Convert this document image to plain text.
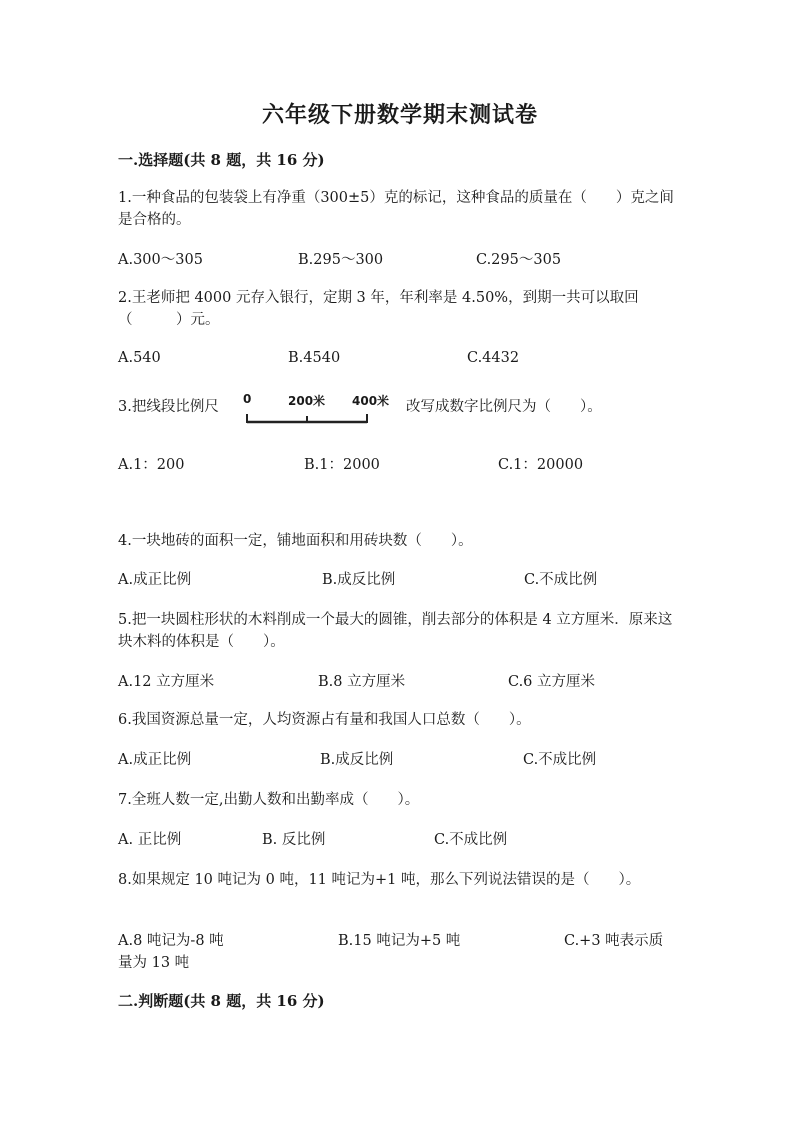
六年级下册数学期末测试卷
一.选择题(共 8 题，共 16 分)
1.一种食品的包装袋上有净重（300±5）克的标记，这种食品的质量在（　　）克之间是合格的。
A.300～305	B.295～300	C.295～305
2.王老师把 4000 元存入银行，定期 3 年，年利率是 4.50%，到期一共可以取回（　　　）元。
A.540	B.4540	C.4432
3.把线段比例尺	0	200米 400米 改写成数字比例尺为（　　）。
A.1：200	B.1：2000	C.1：20000
4.一块地砖的面积一定，铺地面积和用砖块数（　　）。
A.成正比例	B.成反比例	C.不成比例
5.把一块圆柱形状的木料削成一个最大的圆锥，削去部分的体积是 4 立方厘米．原来这块木料的体积是（　　）。
A.12 立方厘米	B.8 立方厘米	C.6 立方厘米
6.我国资源总量一定，人均资源占有量和我国人口总数（　　）。
A.成正比例	B.成反比例	C.不成比例
7.全班人数一定,出勤人数和出勤率成（　　）。
A. 正比例	B. 反比例	C.不成比例
8.如果规定 10 吨记为 0 吨，11 吨记为+1 吨，那么下列说法错误的是（　　）。
A.8 吨记为-8 吨	B.15 吨记为+5 吨	C.+3 吨表示质
量为 13 吨
二.判断题(共 8 题，共 16 分)
